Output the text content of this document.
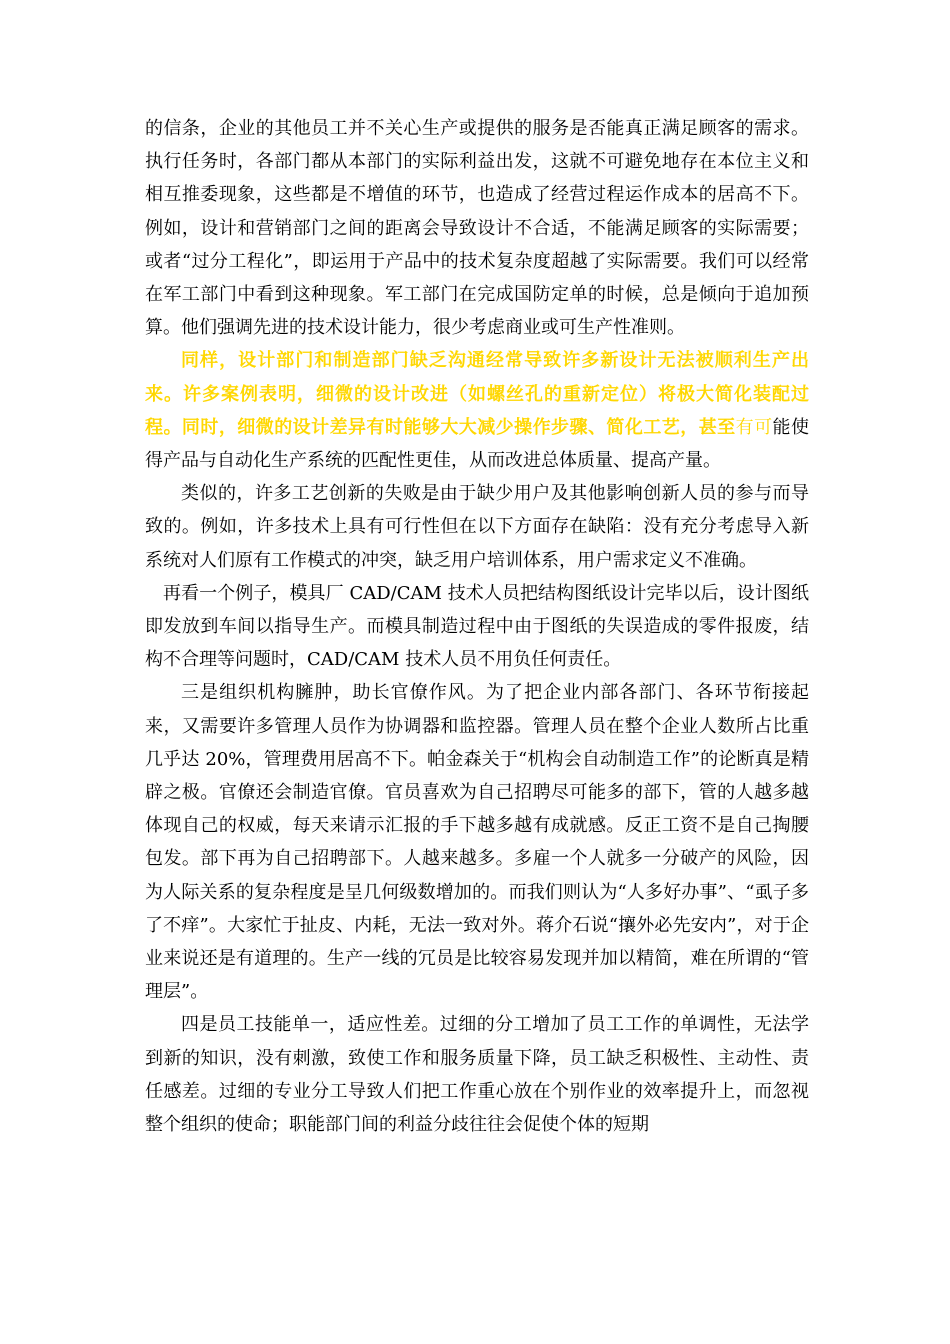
的信条，企业的其他员工并不关心生产或提供的服务是否能真正满足顾客的需求。执行任务时，各部门都从本部门的实际利益出发，这就不可避免地存在本位主义和相互推委现象，这些都是不增值的环节，也造成了经营过程运作成本的居高不下。例如，设计和营销部门之间的距离会导致设计不合适，不能满足顾客的实际需要；或者“过分工程化”，即运用于产品中的技术复杂度超越了实际需要。我们可以经常在军工部门中看到这种现象。军工部门在完成国防定单的时候，总是倾向于追加预算。他们强调先进的技术设计能力，很少考虑商业或可生产性准则。

同样，设计部门和制造部门缺乏沟通经常导致许多新设计无法被顺利生产出来。许多案例表明，细微的设计改进（如螺丝孔的重新定位）将极大简化装配过程。同时，细微的设计差异有时能够大大减少操作步骤、简化工艺，甚至有可能使得产品与自动化生产系统的匹配性更佳，从而改进总体质量、提高产量。

类似的，许多工艺创新的失败是由于缺少用户及其他影响创新人员的参与而导致的。例如，许多技术上具有可行性但在以下方面存在缺陷：没有充分考虑导入新系统对人们原有工作模式的冲突，缺乏用户培训体系，用户需求定义不准确。

再看一个例子，模具厂 CAD/CAM 技术人员把结构图纸设计完毕以后，设计图纸即发放到车间以指导生产。而模具制造过程中由于图纸的失误造成的零件报废，结构不合理等问题时，CAD/CAM 技术人员不用负任何责任。

三是组织机构臃肿，助长官僚作风。为了把企业内部各部门、各环节衔接起来，又需要许多管理人员作为协调器和监控器。管理人员在整个企业人数所占比重几乎达 20%，管理费用居高不下。帕金森关于“机构会自动制造工作”的论断真是精辟之极。官僚还会制造官僚。官员喜欢为自己招聘尽可能多的部下，管的人越多越体现自己的权威，每天来请示汇报的手下越多越有成就感。反正工资不是自己掏腰包发。部下再为自己招聘部下。人越来越多。多雇一个人就多一分破产的风险，因为人际关系的复杂程度是呈几何级数增加的。而我们则认为“人多好办事”、“虱子多了不痒”。大家忙于扯皮、内耗，无法一致对外。蒋介石说“攘外必先安内”，对于企业来说还是有道理的。生产一线的冗员是比较容易发现并加以精简，难在所谓的“管理层”。

四是员工技能单一，适应性差。过细的分工增加了员工工作的单调性，无法学到新的知识，没有刺激，致使工作和服务质量下降，员工缺乏积极性、主动性、责任感差。过细的专业分工导致人们把工作重心放在个别作业的效率提升上，而忽视整个组织的使命；职能部门间的利益分歧往往会促使个体的短期
